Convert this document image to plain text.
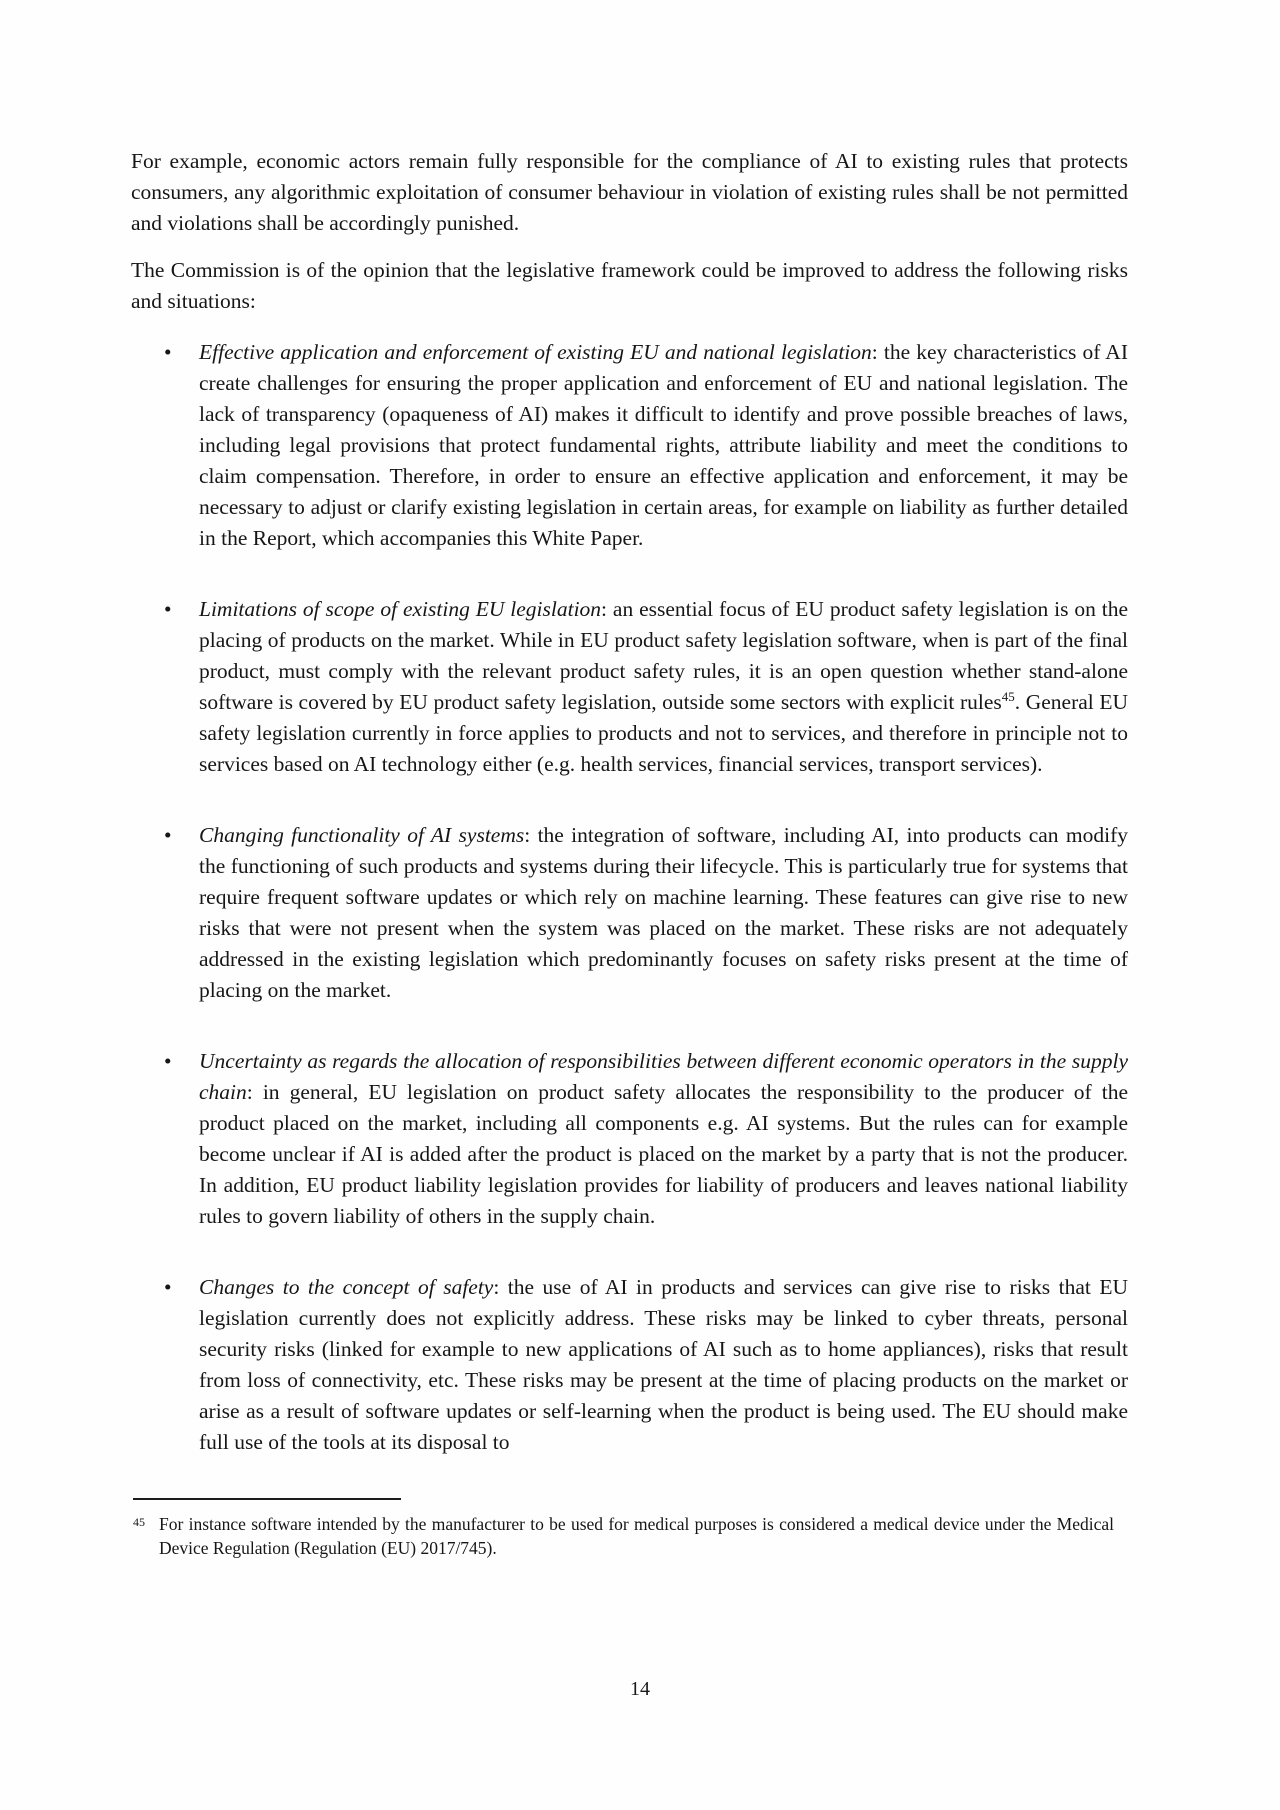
For example, economic actors remain fully responsible for the compliance of AI to existing rules that protects consumers, any algorithmic exploitation of consumer behaviour in violation of existing rules shall be not permitted and violations shall be accordingly punished.

The Commission is of the opinion that the legislative framework could be improved to address the following risks and situations:

• Effective application and enforcement of existing EU and national legislation: the key characteristics of AI create challenges for ensuring the proper application and enforcement of EU and national legislation. The lack of transparency (opaqueness of AI) makes it difficult to identify and prove possible breaches of laws, including legal provisions that protect fundamental rights, attribute liability and meet the conditions to claim compensation. Therefore, in order to ensure an effective application and enforcement, it may be necessary to adjust or clarify existing legislation in certain areas, for example on liability as further detailed in the Report, which accompanies this White Paper.
• Limitations of scope of existing EU legislation: an essential focus of EU product safety legislation is on the placing of products on the market. While in EU product safety legislation software, when is part of the final product, must comply with the relevant product safety rules, it is an open question whether stand-alone software is covered by EU product safety legislation, outside some sectors with explicit rules$^{45}$. General EU safety legislation currently in force applies to products and not to services, and therefore in principle not to services based on AI technology either (e.g. health services, financial services, transport services).
• Changing functionality of AI systems: the integration of software, including AI, into products can modify the functioning of such products and systems during their lifecycle. This is particularly true for systems that require frequent software updates or which rely on machine learning. These features can give rise to new risks that were not present when the system was placed on the market. These risks are not adequately addressed in the existing legislation which predominantly focuses on safety risks present at the time of placing on the market.
• Uncertainty as regards the allocation of responsibilities between different economic operators in the supply chain: in general, EU legislation on product safety allocates the responsibility to the producer of the product placed on the market, including all components e.g. AI systems. But the rules can for example become unclear if AI is added after the product is placed on the market by a party that is not the producer. In addition, EU product liability legislation provides for liability of producers and leaves national liability rules to govern liability of others in the supply chain.
• Changes to the concept of safety: the use of AI in products and services can give rise to risks that EU legislation currently does not explicitly address. These risks may be linked to cyber threats, personal security risks (linked for example to new applications of AI such as to home appliances), risks that result from loss of connectivity, etc. These risks may be present at the time of placing products on the market or arise as a result of software updates or self-learning when the product is being used. The EU should make full use of the tools at its disposal to
45 For instance software intended by the manufacturer to be used for medical purposes is considered a medical device under the Medical Device Regulation (Regulation (EU) 2017/745).
14
